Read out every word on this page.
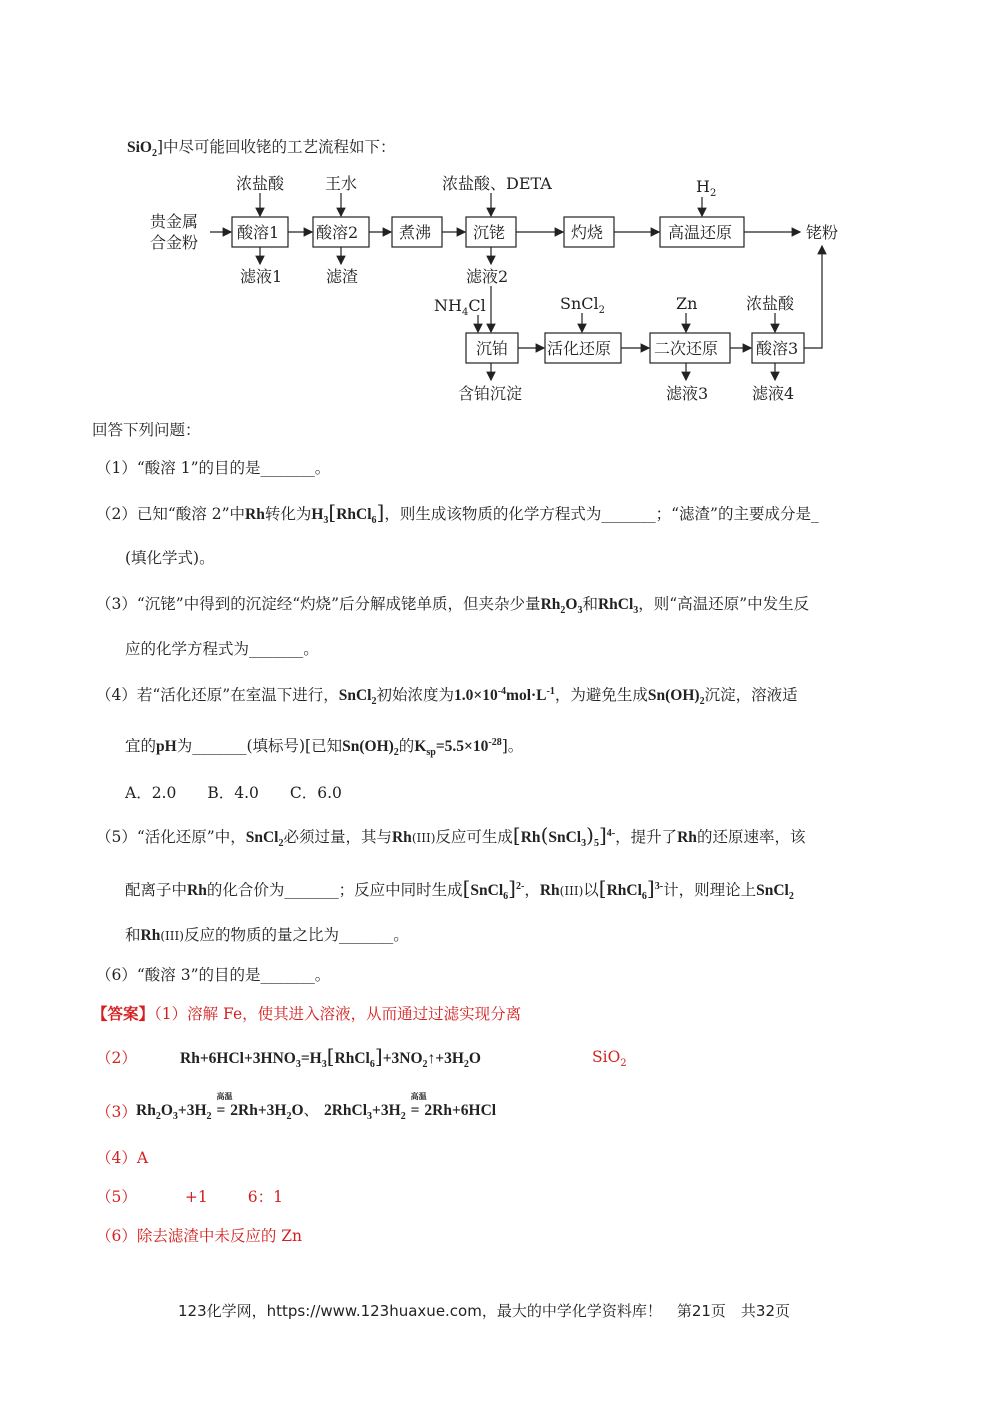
SiO$_2$]中尽可能回收铑的工艺流程如下：
贵金属
合金粉
酸溶1 酸溶2	煮沸	沉铑	灼烧	高温还原
沉铂 活化还原	二次还原 酸溶3
浓盐酸	王水	浓盐酸、DETA	$H_2$
$NH_4Cl$	SnCl$_2$	Zn	浓盐酸
滤液1	滤渣	滤液2
含铂沉淀	滤液3	滤液4
铑粉
回答下列问题：
（1）“酸溶 1”的目的是_______。
（2）已知“酸溶 2”中Rh转化为$H_3[RhCl_6]$，则生成该物质的化学方程式为_______；“滤渣”的主要成分是_
(填化学式)。
（3）“沉铑”中得到的沉淀经“灼烧”后分解成铑单质，但夹杂少量$Rh_2O_3$和RhCl$_3$，则“高温还原”中发生反
应的化学方程式为_______。
（4）若“活化还原”在室温下进行，SnCl$_2$初始浓度为$1.0\times 10^{-4}mol\cdot L^{-1}$，为避免生成$Sn(OH)_2$沉淀，溶液适
宜的pH为_______(填标号)[已知$Sn(OH)_2$的$K_{sp}=5.5\times 10^{-28}$]。
A．2.0　　B．4.0　　C．6.0
（5）“活化还原”中，SnCl$_2$必须过量，其与Rh(III)反应可生成$[Rh(SnCl_3)_5]^{4-}$，提升了Rh的还原速率，该
配离子中Rh的化合价为_______；反应中同时生成[SnCl$_6$]$^{2-}$，Rh(III)以[RhCl$_6$]$^{3-}$计，则理论上SnCl$_2$
和Rh(III)反应的物质的量之比为_______。
（6）“酸溶 3”的目的是_______。
【答案】（1）溶解 Fe，使其进入溶液，从而通过过滤实现分离
（2）	$Rh+6HCl+3HNO_3=H_3[RhCl_6]+3NO_2↑+3H_2O$	SiO$_2$
（3） $Rh_2O_3+3H_2$
高温
= $2Rh+3H_2O$、 $2RhCl_3+3H_2$
高温
= 2Rh+6HCl
（4）A
（5）	+1	6：1
（6）除去滤渣中未反应的 Zn
123化学网，https://www.123huaxue.com，最大的中学化学资料库！　第21页　共32页
